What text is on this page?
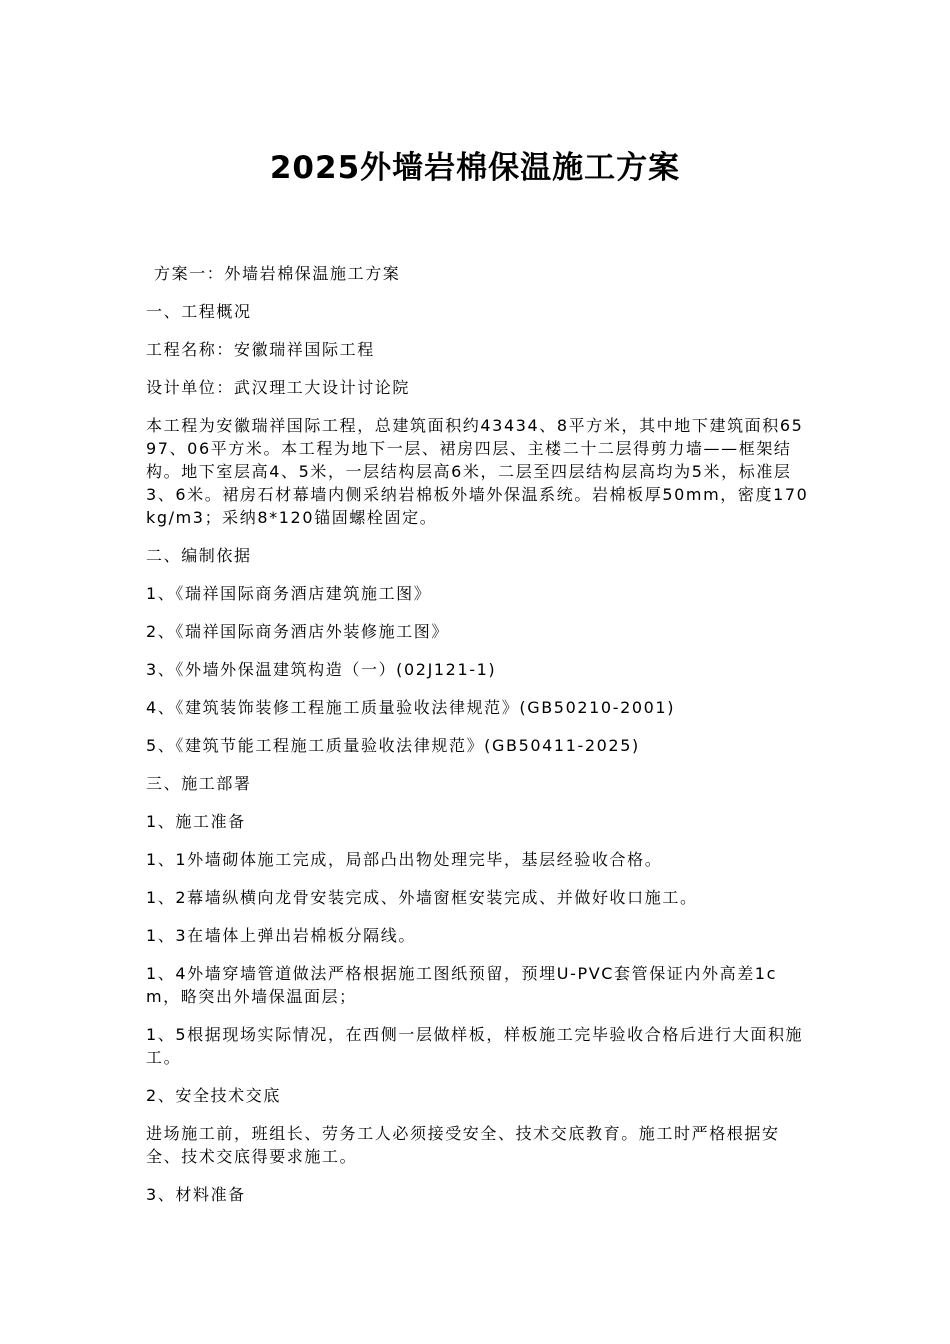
2025外墙岩棉保温施工方案

方案一：外墙岩棉保温施工方案

一、工程概况

工程名称：安徽瑞祥国际工程

设计单位：武汉理工大设计讨论院

本工程为安徽瑞祥国际工程，总建筑面积约43434、8平方米，其中地下建筑面积6597、06平方米。本工程为地下一层、裙房四层、主楼二十二层得剪力墙——框架结构。地下室层高4、5米，一层结构层高6米，二层至四层结构层高均为5米，标准层3、6米。裙房石材幕墙内侧采纳岩棉板外墙外保温系统。岩棉板厚50mm，密度170kg/m3；采纳8*120锚固螺栓固定。

二、编制依据

1、《瑞祥国际商务酒店建筑施工图》

2、《瑞祥国际商务酒店外装修施工图》

3、《外墙外保温建筑构造（一）(02J121-1)

4、《建筑装饰装修工程施工质量验收法律规范》(GB50210-2001)

5、《建筑节能工程施工质量验收法律规范》(GB50411-2025)

三、施工部署

1、施工准备

1、1外墙砌体施工完成，局部凸出物处理完毕，基层经验收合格。

1、2幕墙纵横向龙骨安装完成、外墙窗框安装完成、并做好收口施工。

1、3在墙体上弹出岩棉板分隔线。

1、4外墙穿墙管道做法严格根据施工图纸预留，预埋U-PVC套管保证内外高差1cm，略突出外墙保温面层；

1、5根据现场实际情况，在西侧一层做样板，样板施工完毕验收合格后进行大面积施工。

2、安全技术交底

进场施工前，班组长、劳务工人必须接受安全、技术交底教育。施工时严格根据安全、技术交底得要求施工。

3、材料准备
